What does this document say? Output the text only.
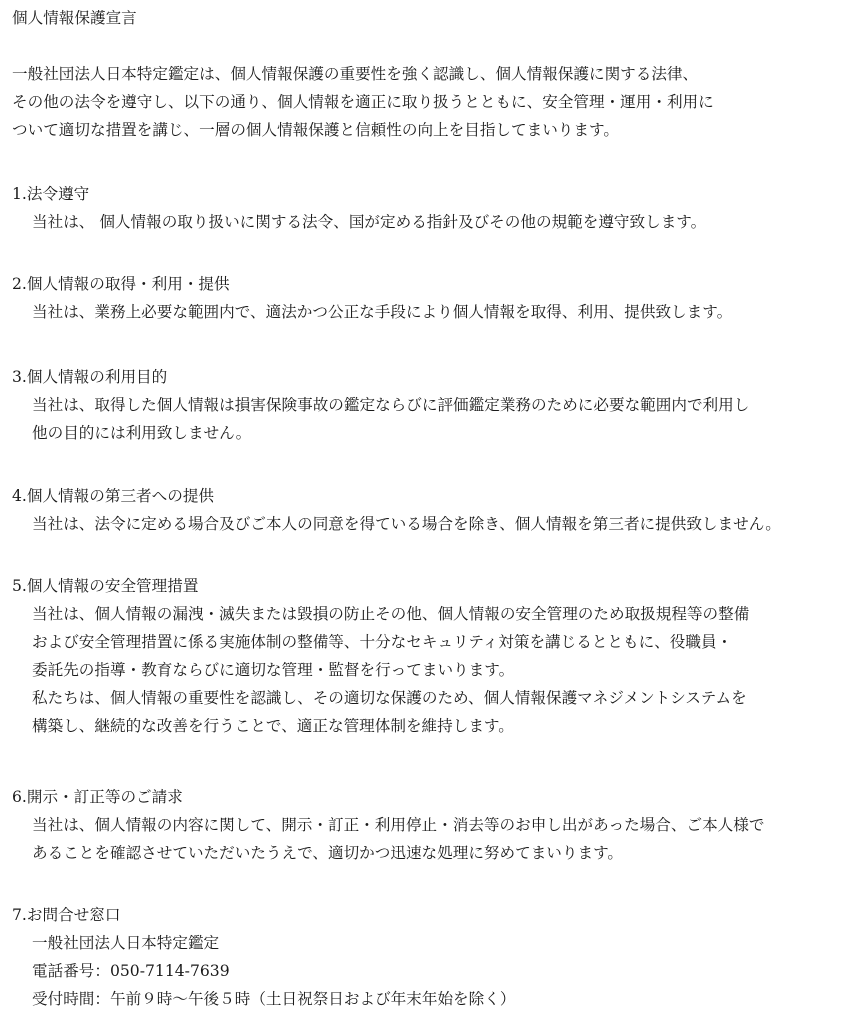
個人情報保護宣言
一般社団法人日本特定鑑定は、個人情報保護の重要性を強く認識し、個人情報保護に関する法律、
その他の法令を遵守し、以下の通り、個人情報を適正に取り扱うとともに、安全管理・運用・利用に
ついて適切な措置を講じ、一層の個人情報保護と信頼性の向上を目指してまいります。
1.法令遵守
当社は、 個人情報の取り扱いに関する法令、国が定める指針及びその他の規範を遵守致します。
2.個人情報の取得・利用・提供
当社は、業務上必要な範囲内で、適法かつ公正な手段により個人情報を取得、利用、提供致します。
3.個人情報の利用目的
当社は、取得した個人情報は損害保険事故の鑑定ならびに評価鑑定業務のために必要な範囲内で利用し
他の目的には利用致しません。
4.個人情報の第三者への提供
当社は、法令に定める場合及びご本人の同意を得ている場合を除き、個人情報を第三者に提供致しません。
5.個人情報の安全管理措置
当社は、個人情報の漏洩・滅失または毀損の防止その他、個人情報の安全管理のため取扱規程等の整備
および安全管理措置に係る実施体制の整備等、十分なセキュリティ対策を講じるとともに、役職員・
委託先の指導・教育ならびに適切な管理・監督を行ってまいります。
私たちは、個人情報の重要性を認識し、その適切な保護のため、個人情報保護マネジメントシステムを
構築し、継続的な改善を行うことで、適正な管理体制を維持します。
6.開示・訂正等のご請求
当社は、個人情報の内容に関して、開示・訂正・利用停止・消去等のお申し出があった場合、ご本人様で
あることを確認させていただいたうえで、適切かつ迅速な処理に努めてまいります。
7.お問合せ窓口
一般社団法人日本特定鑑定
電話番号：050-7114-7639
受付時間：午前９時〜午後５時（土日祝祭日および年末年始を除く）
